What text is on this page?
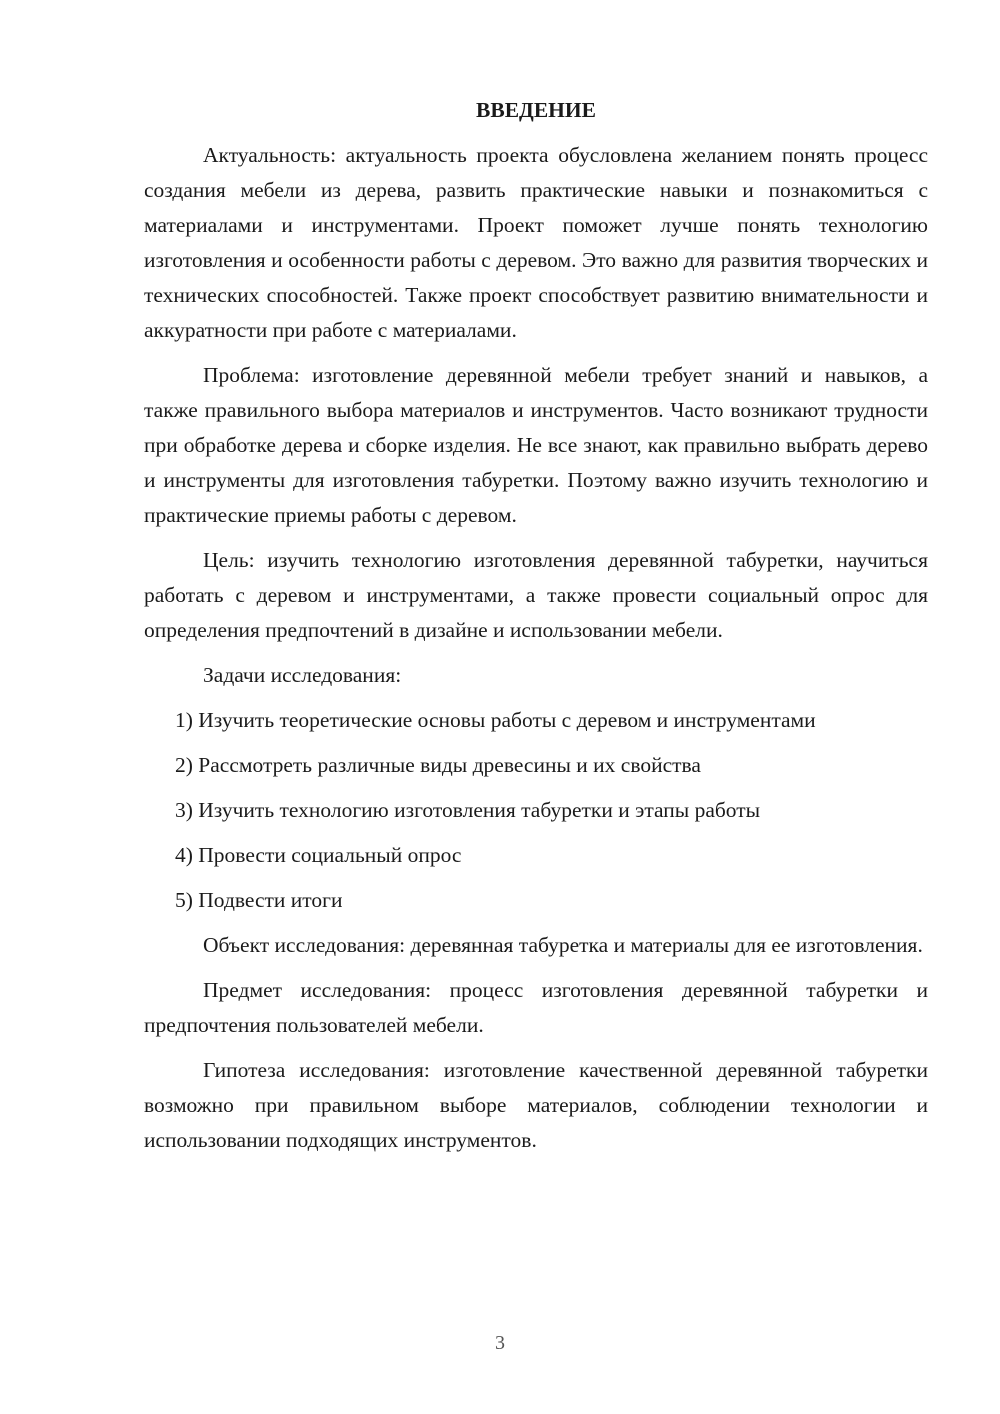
ВВЕДЕНИЕ

Актуальность: актуальность проекта обусловлена желанием понять процесс создания мебели из дерева, развить практические навыки и познакомиться с материалами и инструментами. Проект поможет лучше понять технологию изготовления и особенности работы с деревом. Это важно для развития творческих и технических способностей. Также проект способствует развитию внимательности и аккуратности при работе с материалами.

Проблема: изготовление деревянной мебели требует знаний и навыков, а также правильного выбора материалов и инструментов. Часто возникают трудности при обработке дерева и сборке изделия. Не все знают, как правильно выбрать дерево и инструменты для изготовления табуретки. Поэтому важно изучить технологию и практические приемы работы с деревом.

Цель: изучить технологию изготовления деревянной табуретки, научиться работать с деревом и инструментами, а также провести социальный опрос для определения предпочтений в дизайне и использовании мебели.

Задачи исследования:

1) Изучить теоретические основы работы с деревом и инструментами

2) Рассмотреть различные виды древесины и их свойства

3) Изучить технологию изготовления табуретки и этапы работы

4) Провести социальный опрос

5) Подвести итоги

Объект исследования: деревянная табуретка и материалы для ее изготовления.

Предмет исследования: процесс изготовления деревянной табуретки и предпочтения пользователей мебели.

Гипотеза исследования: изготовление качественной деревянной табуретки возможно при правильном выборе материалов, соблюдении технологии и использовании подходящих инструментов.

3
